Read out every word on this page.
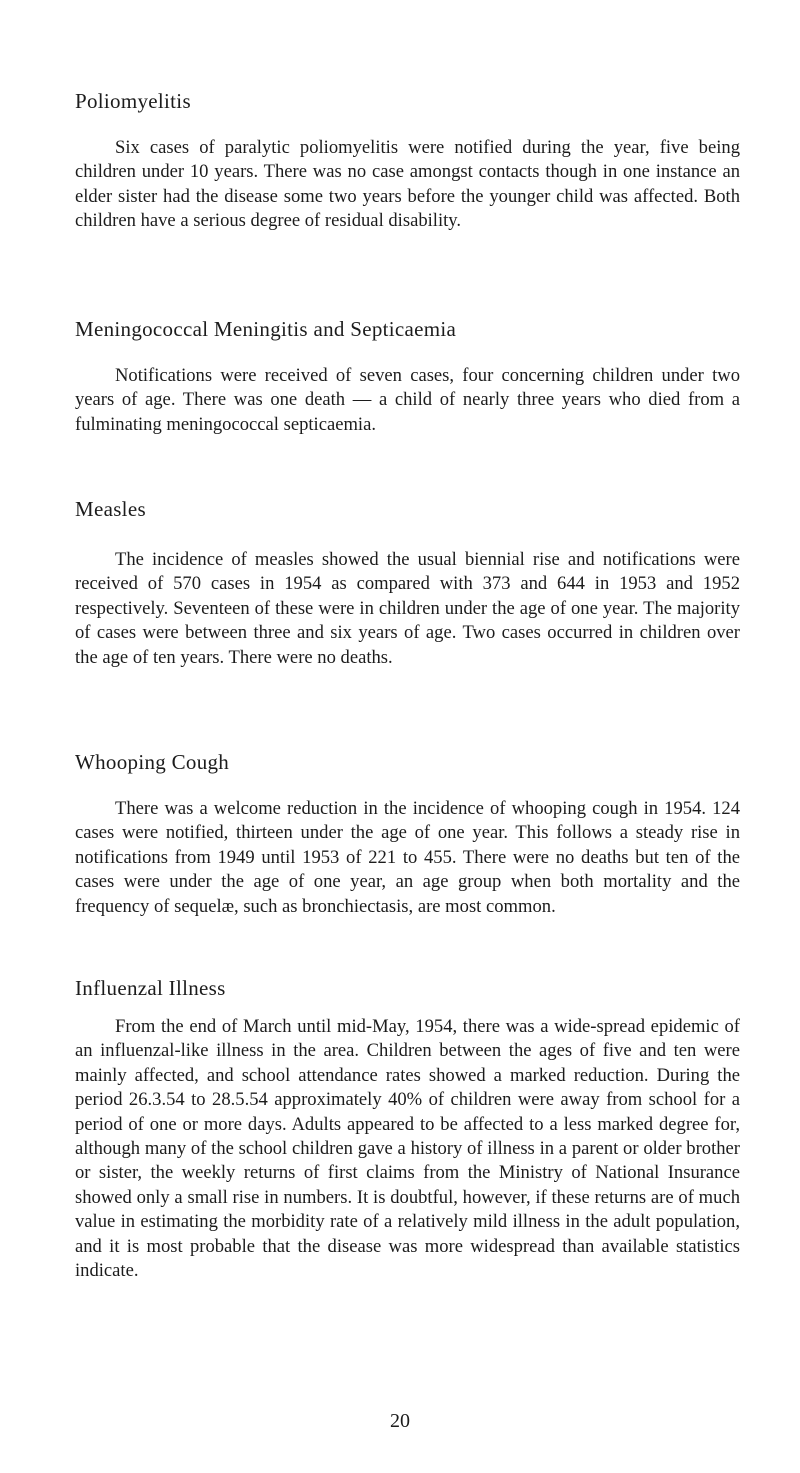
Poliomyelitis

Six cases of paralytic poliomyelitis were notified during the year, five being children under 10 years. There was no case amongst contacts though in one instance an elder sister had the disease some two years before the younger child was affected. Both children have a serious degree of residual disability.

Meningococcal Meningitis and Septicaemia

Notifications were received of seven cases, four concerning children under two years of age. There was one death — a child of nearly three years who died from a fulminating meningococcal septicaemia.

Measles

The incidence of measles showed the usual biennial rise and notifications were received of 570 cases in 1954 as compared with 373 and 644 in 1953 and 1952 respectively. Seventeen of these were in children under the age of one year. The majority of cases were between three and six years of age. Two cases occurred in children over the age of ten years. There were no deaths.

Whooping Cough

There was a welcome reduction in the incidence of whooping cough in 1954. 124 cases were notified, thirteen under the age of one year. This follows a steady rise in notifications from 1949 until 1953 of 221 to 455. There were no deaths but ten of the cases were under the age of one year, an age group when both mortality and the frequency of sequelæ, such as bronchiectasis, are most common.

Influenzal Illness

From the end of March until mid-May, 1954, there was a wide-spread epidemic of an influenzal-like illness in the area. Children between the ages of five and ten were mainly affected, and school attendance rates showed a marked reduction. During the period 26.3.54 to 28.5.54 approximately 40% of children were away from school for a period of one or more days. Adults appeared to be affected to a less marked degree for, although many of the school children gave a history of illness in a parent or older brother or sister, the weekly returns of first claims from the Ministry of National Insurance showed only a small rise in numbers. It is doubtful, however, if these returns are of much value in estimating the morbidity rate of a relatively mild illness in the adult population, and it is most probable that the disease was more widespread than available statistics indicate.

20
